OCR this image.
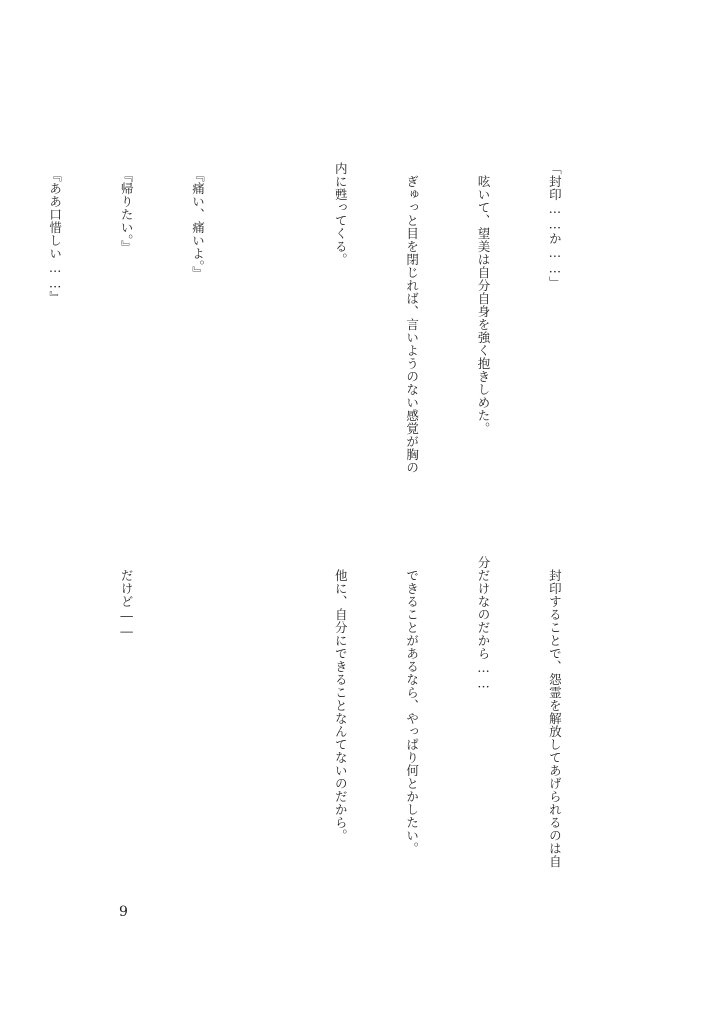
「封印……か……」

　呟いて、望美は自分自身を強く抱きしめた。

　ぎゅっと目を閉じれば、言いようのない感覚が胸の

内に甦ってくる。

　『痛い、痛いよ。』

　『帰りたい。』

　『ああ口惜しい……』

　封印することで、怨霊を解放してあげられるのは自

分だけなのだから……

　できることがあるなら、やっぱり何とかしたい。

　他に、自分にできることなんてないのだから。

　だけど――

9
